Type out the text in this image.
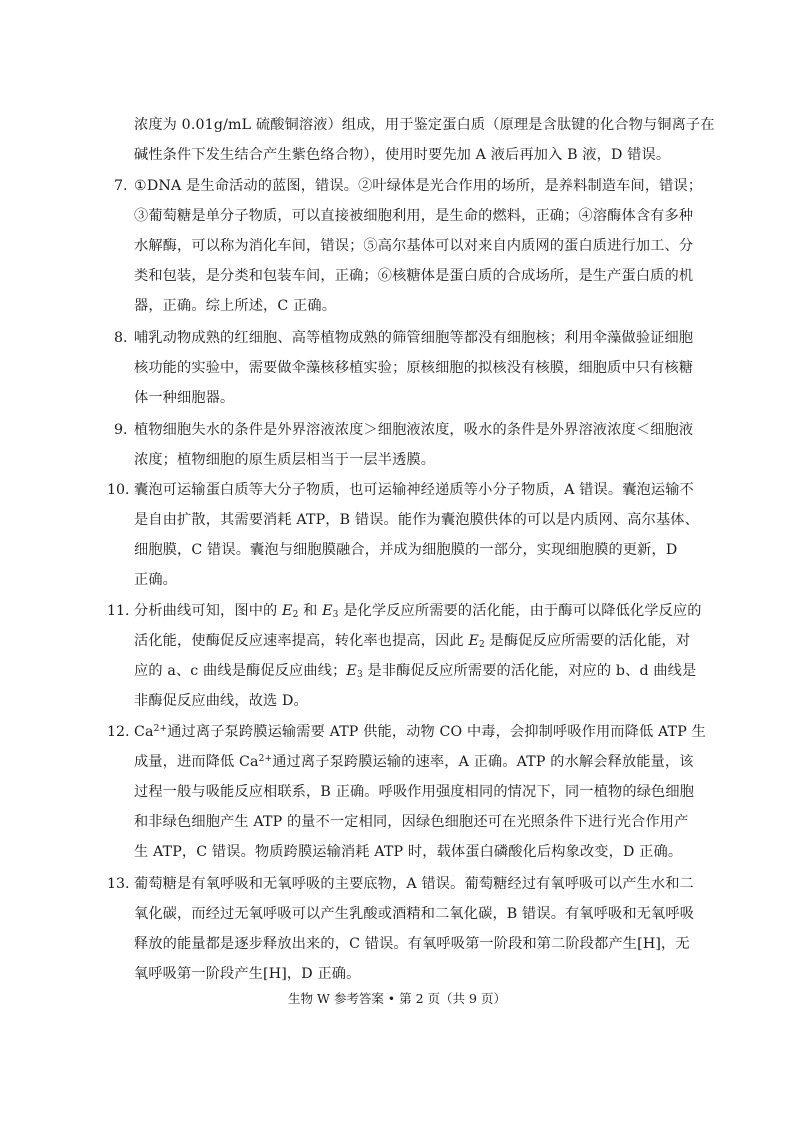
浓度为 0.01g/mL 硫酸铜溶液）组成，用于鉴定蛋白质（原理是含肽键的化合物与铜离子在
碱性条件下发生结合产生紫色络合物），使用时要先加 A 液后再加入 B 液，D 错误。
7. ①DNA 是生命活动的蓝图，错误。②叶绿体是光合作用的场所，是养料制造车间，错误；
③葡萄糖是单分子物质，可以直接被细胞利用，是生命的燃料，正确；④溶酶体含有多种
水解酶，可以称为消化车间，错误；⑤高尔基体可以对来自内质网的蛋白质进行加工、分
类和包装，是分类和包装车间，正确；⑥核糖体是蛋白质的合成场所，是生产蛋白质的机
器，正确。综上所述，C 正确。
8. 哺乳动物成熟的红细胞、高等植物成熟的筛管细胞等都没有细胞核；利用伞藻做验证细胞
核功能的实验中，需要做伞藻核移植实验；原核细胞的拟核没有核膜，细胞质中只有核糖
体一种细胞器。
9. 植物细胞失水的条件是外界溶液浓度＞细胞液浓度，吸水的条件是外界溶液浓度＜细胞液
浓度；植物细胞的原生质层相当于一层半透膜。
10. 囊泡可运输蛋白质等大分子物质，也可运输神经递质等小分子物质，A 错误。囊泡运输不
是自由扩散，其需要消耗 ATP，B 错误。能作为囊泡膜供体的可以是内质网、高尔基体、
细胞膜，C 错误。囊泡与细胞膜融合，并成为细胞膜的一部分，实现细胞膜的更新，D
正确。
11. 分析曲线可知，图中的 $E_2$ 和 $E_3$ 是化学反应所需要的活化能，由于酶可以降低化学反应的
活化能，使酶促反应速率提高，转化率也提高，因此 $E_2$ 是酶促反应所需要的活化能，对
应的 a、c 曲线是酶促反应曲线；$E_3$ 是非酶促反应所需要的活化能，对应的 b、d 曲线是
非酶促反应曲线，故选 D。
12. $Ca^{2+}$通过离子泵跨膜运输需要 ATP 供能，动物 CO 中毒，会抑制呼吸作用而降低 ATP 生
成量，进而降低 $Ca^{2+}$通过离子泵跨膜运输的速率，A 正确。ATP 的水解会释放能量，该
过程一般与吸能反应相联系，B 正确。呼吸作用强度相同的情况下，同一植物的绿色细胞
和非绿色细胞产生 ATP 的量不一定相同，因绿色细胞还可在光照条件下进行光合作用产
生 ATP，C 错误。物质跨膜运输消耗 ATP 时，载体蛋白磷酸化后构象改变，D 正确。
13. 葡萄糖是有氧呼吸和无氧呼吸的主要底物，A 错误。葡萄糖经过有氧呼吸可以产生水和二
氧化碳，而经过无氧呼吸可以产生乳酸或酒精和二氧化碳，B 错误。有氧呼吸和无氧呼吸
释放的能量都是逐步释放出来的，C 错误。有氧呼吸第一阶段和第二阶段都产生[H]，无
氧呼吸第一阶段产生[H]，D 正确。
生物 W 参考答案 • 第 2 页（共 9 页）
